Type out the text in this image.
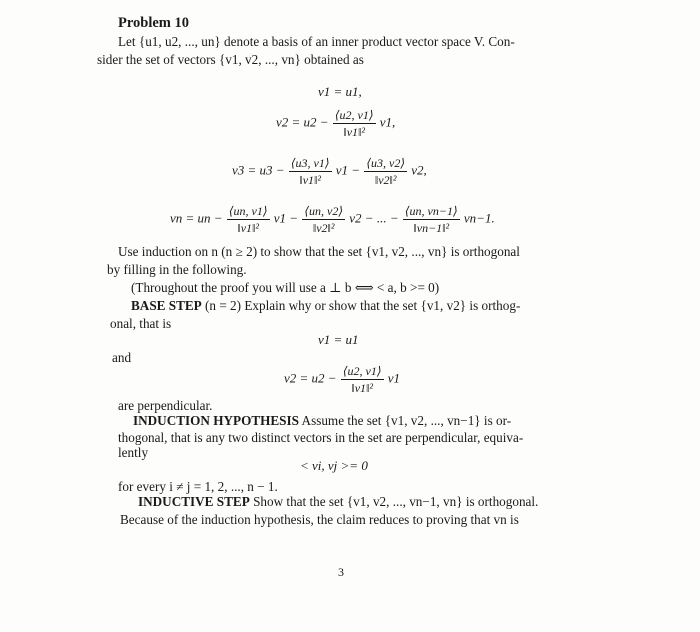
Problem 10
Let {u1, u2, ..., un} denote a basis of an inner product vector space V. Con-
sider the set of vectors {v1, v2, ..., vn} obtained as
v1 = u1,
$v2 = u2 - \frac{⟨u2, v1⟩}{\text{‖v1‖²}} v1$,
$v3 = u3 - \frac{⟨u3, v1⟩}{\text{‖v1‖²}} v1 - \frac{⟨u3, v2⟩}{\text{‖v2‖²}} v2$,
vn = un − $\frac{⟨un, v1⟩}{\text{‖v1‖²}} v1 - \frac{⟨un, v2⟩}{\text{‖v2‖²}} v2$ − ... − $\frac{⟨un, vn-1⟩}{\text{‖vn−1‖²}} vn-1$.
Use induction on n (n ≥ 2) to show that the set {v1, v2, ..., vn} is orthogonal
by filling in the following.
(Throughout the proof you will use a ⊥ b ⟺ < a, b >= 0)
BASE STEP (n = 2) Explain why or show that the set {v1, v2} is orthog-
onal, that is
v1 = u1
and
$v2 = u2 - \frac{⟨u2, v1⟩}{\text{‖v1‖²}} v1$
are perpendicular.
INDUCTION HYPOTHESIS Assume the set {v1, v2, ..., vn−1} is or-
thogonal, that is any two distinct vectors in the set are perpendicular, equiva-
lently
< vi, vj >= 0
for every i ≠ j = 1, 2, ..., n − 1.
INDUCTIVE STEP Show that the set {v1, v2, ..., vn−1, vn} is orthogonal.
Because of the induction hypothesis, the claim reduces to proving that vn is
3
